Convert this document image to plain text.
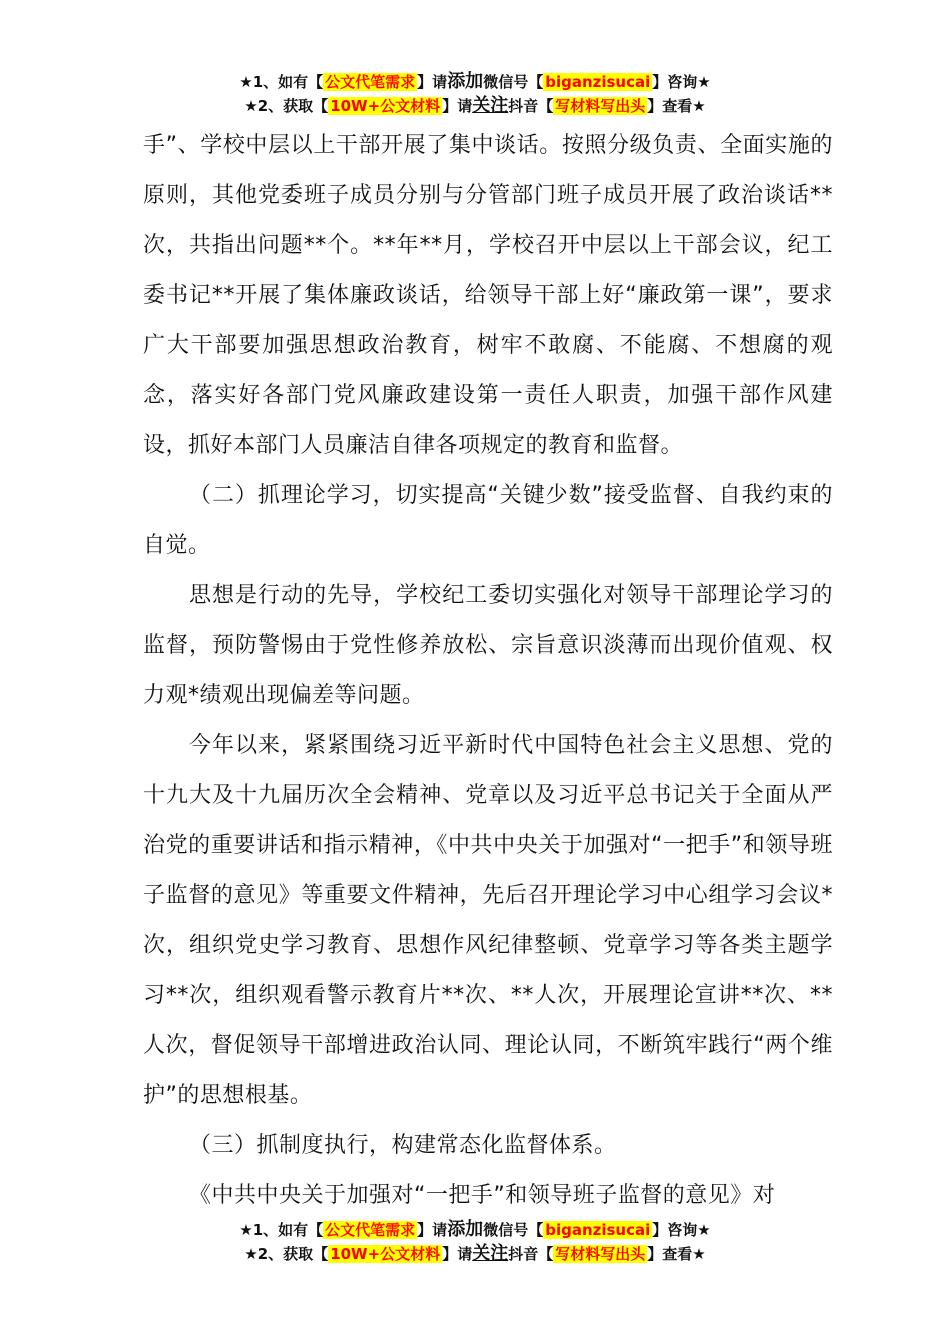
★1、如有【 公文代笔需求 】请添加微信号【 biganzisucai 】咨询★
★2、获取【 10W+公文材料 】请关注抖音【 写材料写出头 】查看★

手”、学校中层以上干部开展了集中谈话。按照分级负责、全面实施的原则，其他党委班子成员分别与分管部门班子成员开展了政治谈话**次，共指出问题**个。**年**月，学校召开中层以上干部会议，纪工委书记**开展了集体廉政谈话，给领导干部上好“廉政第一课”，要求广大干部要加强思想政治教育，树牢不敢腐、不能腐、不想腐的观念，落实好各部门党风廉政建设第一责任人职责，加强干部作风建设，抓好本部门人员廉洁自律各项规定的教育和监督。

（二）抓理论学习，切实提高“关键少数”接受监督、自我约束的自觉。

思想是行动的先导，学校纪工委切实强化对领导干部理论学习的监督，预防警惕由于党性修养放松、宗旨意识淡薄而出现价值观、权力观*绩观出现偏差等问题。

今年以来，紧紧围绕习近平新时代中国特色社会主义思想、党的十九大及十九届历次全会精神、党章以及习近平总书记关于全面从严治党的重要讲话和指示精神，《中共中央关于加强对“一把手”和领导班子监督的意见》等重要文件精神，先后召开理论学习中心组学习会议*次，组织党史学习教育、思想作风纪律整顿、党章学习等各类主题学习**次，组织观看警示教育片**次、**人次，开展理论宣讲**次、**人次，督促领导干部增进政治认同、理论认同，不断筑牢践行“两个维护”的思想根基。

（三）抓制度执行，构建常态化监督体系。

《中共中央关于加强对“一把手”和领导班子监督的意见》对

★1、如有【 公文代笔需求 】请添加微信号【 biganzisucai 】咨询★
★2、获取【 10W+公文材料 】请关注抖音【 写材料写出头 】查看★
